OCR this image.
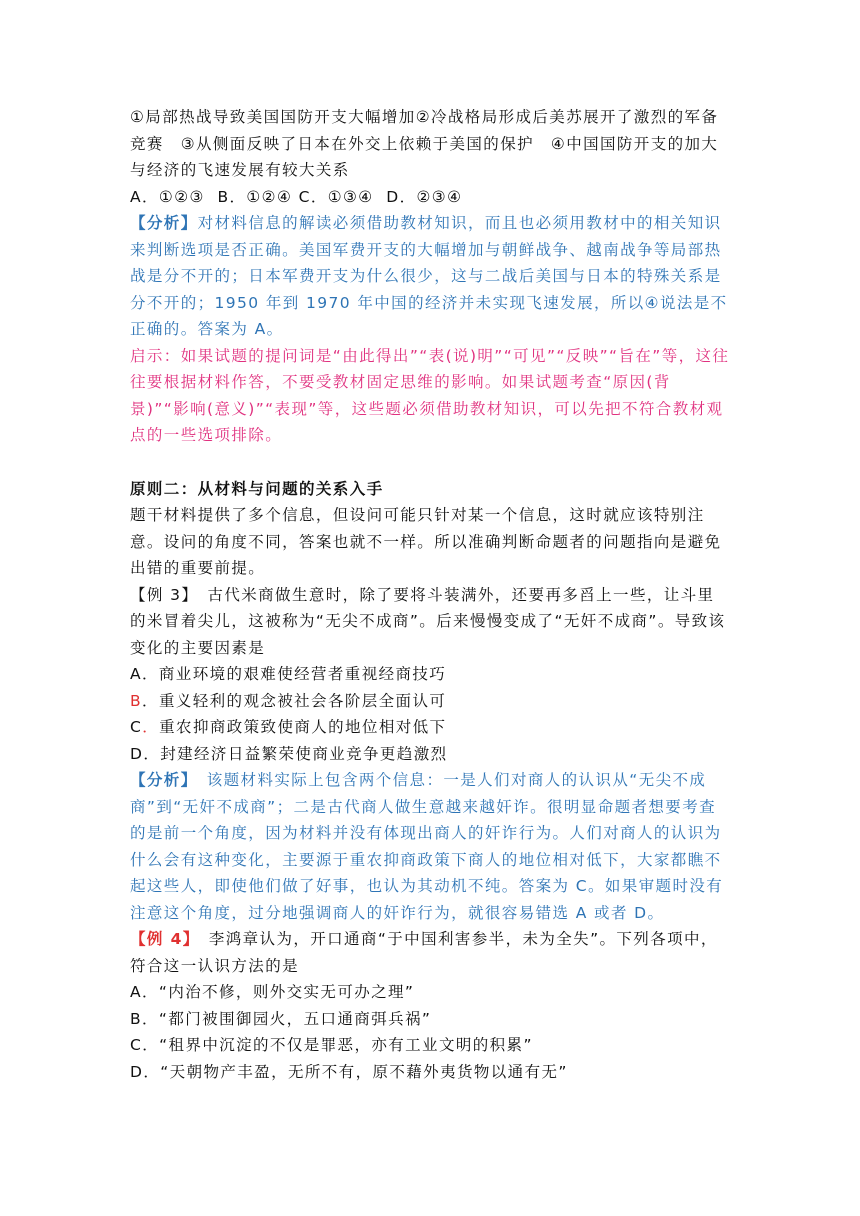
①局部热战导致美国国防开支大幅增加②冷战格局形成后美苏展开了激烈的军备竞赛　③从侧面反映了日本在外交上依赖于美国的保护　④中国国防开支的加大与经济的飞速发展有较大关系

A．①②③  B．①②④ C．①③④  D．②③④

【分析】对材料信息的解读必须借助教材知识，而且也必须用教材中的相关知识来判断选项是否正确。美国军费开支的大幅增加与朝鲜战争、越南战争等局部热战是分不开的；日本军费开支为什么很少，这与二战后美国与日本的特殊关系是分不开的；1950 年到 1970 年中国的经济并未实现飞速发展，所以④说法是不正确的。答案为 A。

启示：如果试题的提问词是“由此得出”“表(说)明”“可见”“反映”“旨在”等，这往往要根据材料作答，不要受教材固定思维的影响。如果试题考查“原因(背景)”“影响(意义)”“表现”等，这些题必须借助教材知识，可以先把不符合教材观点的一些选项排除。

原则二：从材料与问题的关系入手

题干材料提供了多个信息，但设问可能只针对某一个信息，这时就应该特别注意。设问的角度不同，答案也就不一样。所以准确判断命题者的问题指向是避免出错的重要前提。

【例 3】　古代米商做生意时，除了要将斗装满外，还要再多舀上一些，让斗里的米冒着尖儿，这被称为“无尖不成商”。后来慢慢变成了“无奸不成商”。导致该变化的主要因素是

A．商业环境的艰难使经营者重视经商技巧

B．重义轻利的观念被社会各阶层全面认可

C．重农抑商政策致使商人的地位相对低下

D．封建经济日益繁荣使商业竞争更趋激烈

【分析】　该题材料实际上包含两个信息：一是人们对商人的认识从“无尖不成商”到“无奸不成商”；二是古代商人做生意越来越奸诈。很明显命题者想要考查的是前一个角度，因为材料并没有体现出商人的奸诈行为。人们对商人的认识为什么会有这种变化，主要源于重农抑商政策下商人的地位相对低下，大家都瞧不起这些人，即使他们做了好事，也认为其动机不纯。答案为 C。如果审题时没有注意这个角度，过分地强调商人的奸诈行为，就很容易错选 A 或者 D。

【例 4】　李鸿章认为，开口通商“于中国利害参半，未为全失”。下列各项中，符合这一认识方法的是

A．“内治不修，则外交实无可办之理”

B．“都门被围御园火，五口通商弭兵祸”

C．“租界中沉淀的不仅是罪恶，亦有工业文明的积累”

D．“天朝物产丰盈，无所不有，原不藉外夷货物以通有无”
